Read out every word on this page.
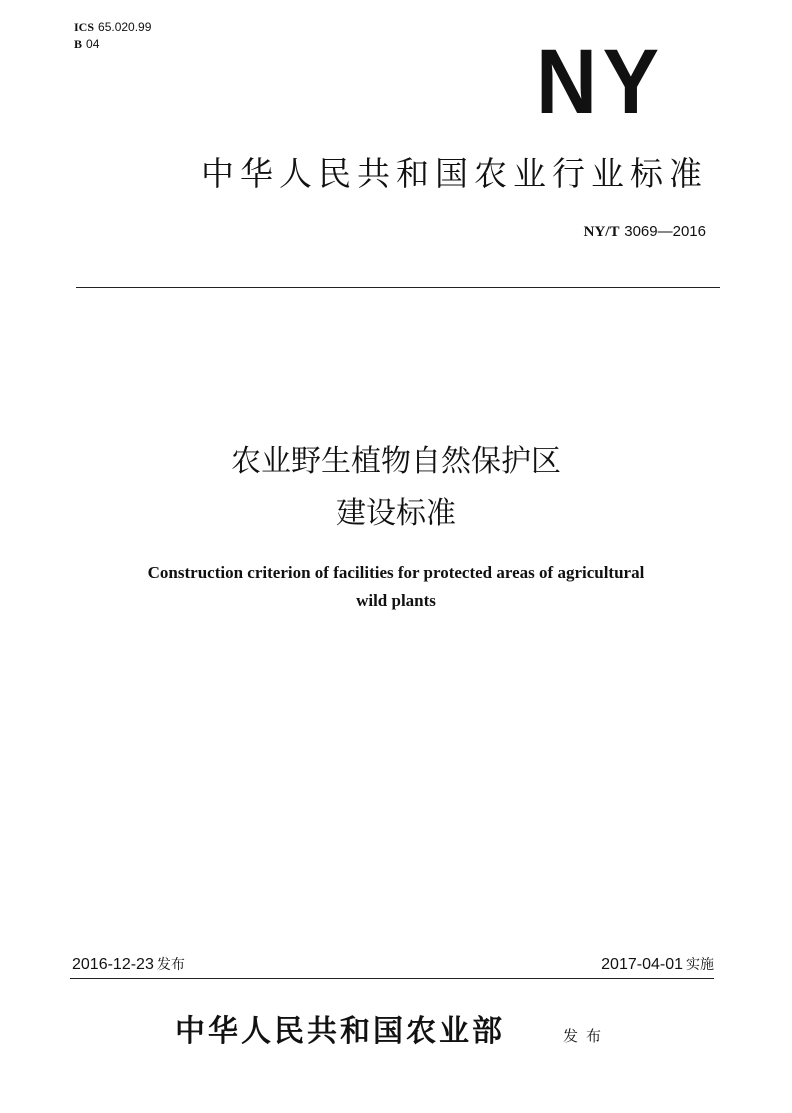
ICS 65.020.99
B 04	NY
中华人民共和国农业行业标准
NY/T 3069—2016
农业野生植物自然保护区
建设标准
Construction criterion of facilities for protected areas of agricultural
wild plants
2016-12-23 发布	2017-04-01 实施
中华人民共和国农业部	发布
